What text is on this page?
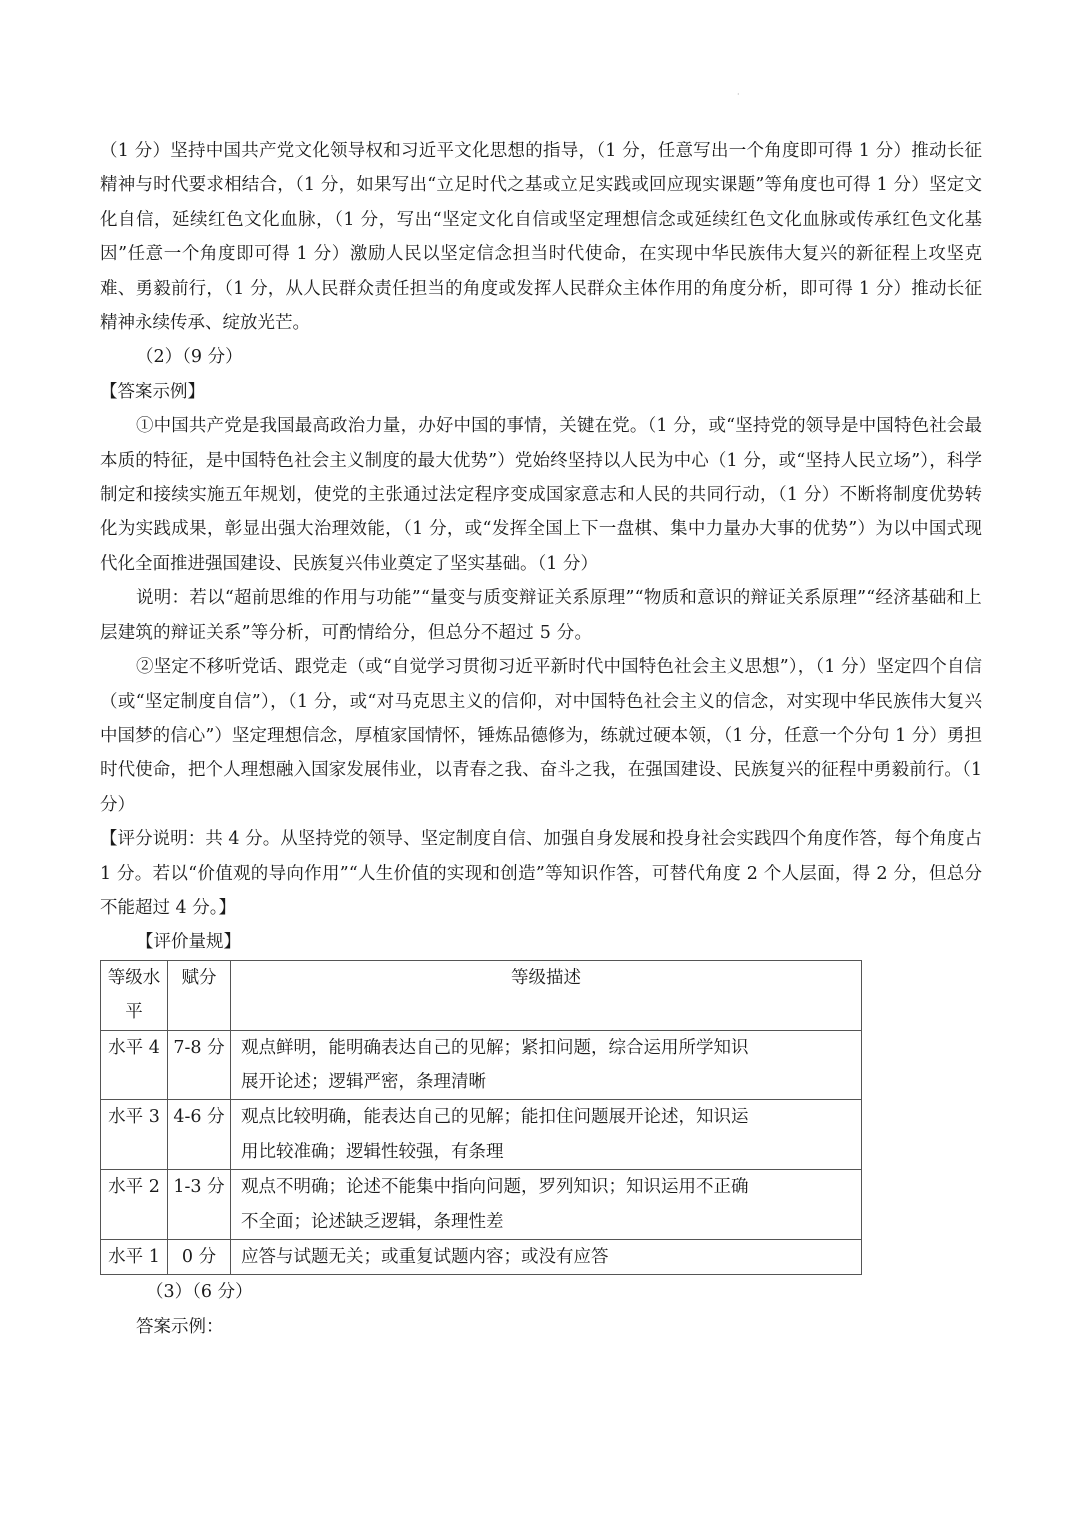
·

（1 分）坚持中国共产党文化领导权和习近平文化思想的指导，（1 分，任意写出一个角度即可得 1 分）推动长征精神与时代要求相结合，（1 分，如果写出“立足时代之基或立足实践或回应现实课题”等角度也可得 1 分）坚定文化自信，延续红色文化血脉，（1 分，写出“坚定文化自信或坚定理想信念或延续红色文化血脉或传承红色文化基因”任意一个角度即可得 1 分）激励人民以坚定信念担当时代使命，在实现中华民族伟大复兴的新征程上攻坚克难、勇毅前行，（1 分，从人民群众责任担当的角度或发挥人民群众主体作用的角度分析，即可得 1 分）推动长征精神永续传承、绽放光芒。

（2）（9 分）

【答案示例】

①中国共产党是我国最高政治力量，办好中国的事情，关键在党。（1 分，或“坚持党的领导是中国特色社会最本质的特征，是中国特色社会主义制度的最大优势”）党始终坚持以人民为中心（1 分，或“坚持人民立场”），科学制定和接续实施五年规划，使党的主张通过法定程序变成国家意志和人民的共同行动，（1 分）不断将制度优势转化为实践成果，彰显出强大治理效能，（1 分，或“发挥全国上下一盘棋、集中力量办大事的优势”）为以中国式现代化全面推进强国建设、民族复兴伟业奠定了坚实基础。（1 分）

说明：若以“超前思维的作用与功能”“量变与质变辩证关系原理”“物质和意识的辩证关系原理”“经济基础和上层建筑的辩证关系”等分析，可酌情给分，但总分不超过 5 分。

②坚定不移听党话、跟党走（或“自觉学习贯彻习近平新时代中国特色社会主义思想”），（1 分）坚定四个自信（或“坚定制度自信”），（1 分，或“对马克思主义的信仰，对中国特色社会主义的信念，对实现中华民族伟大复兴中国梦的信心”）坚定理想信念，厚植家国情怀，锤炼品德修为，练就过硬本领，（1 分，任意一个分句 1 分）勇担时代使命，把个人理想融入国家发展伟业，以青春之我、奋斗之我，在强国建设、民族复兴的征程中勇毅前行。（1 分）

【评分说明：共 4 分。从坚持党的领导、坚定制度自信、加强自身发展和投身社会实践四个角度作答，每个角度占 1 分。若以“价值观的导向作用”“人生价值的实现和创造”等知识作答，可替代角度 2 个人层面，得 2 分，但总分不能超过 4 分。】

【评价量规】

等级水平	赋分	等级描述
水平 4	7-8 分	观点鲜明，能明确表达自己的见解；紧扣问题，综合运用所学知识展开论述；逻辑严密，条理清晰
水平 3	4-6 分	观点比较明确，能表达自己的见解；能扣住问题展开论述，知识运用比较准确；逻辑性较强，有条理
水平 2	1-3 分	观点不明确；论述不能集中指向问题，罗列知识；知识运用不正确不全面；论述缺乏逻辑，条理性差
水平 1	0 分	应答与试题无关；或重复试题内容；或没有应答

（3）（6 分）

答案示例：
